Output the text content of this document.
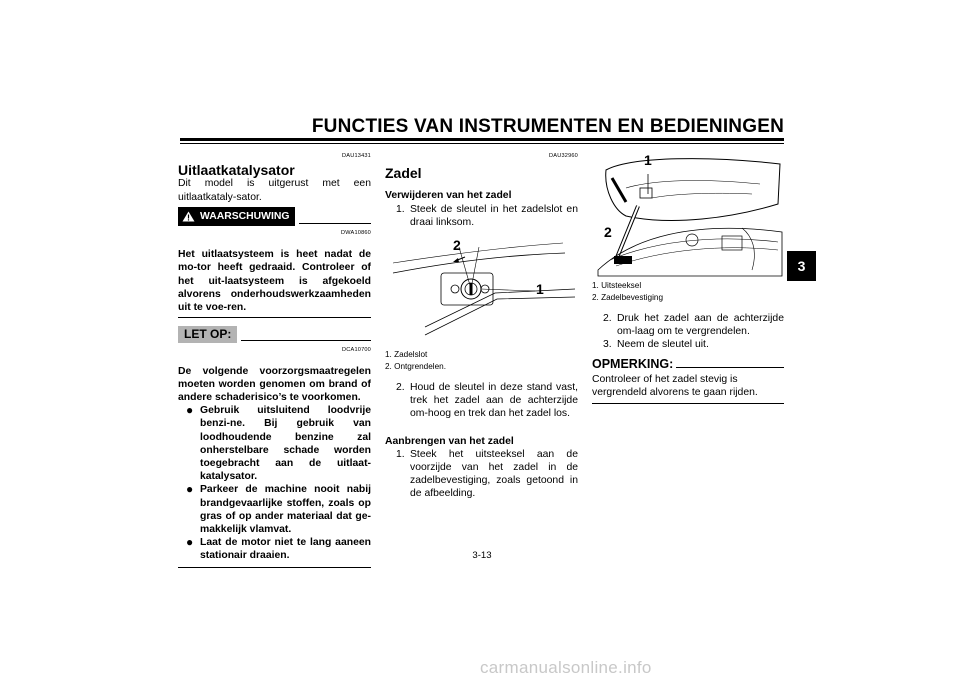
FUNCTIES VAN INSTRUMENTEN EN BEDIENINGEN
3
DAU13431
Uitlaatkatalysator
Dit model is uitgerust met een uitlaatkataly-sator.
WAARSCHUWING
DWA10860
Het uitlaatsysteem is heet nadat de mo-tor heeft gedraaid. Controleer of het uit-laatsysteem is afgekoeld alvorens onderhoudswerkzaamheden uit te voe-ren.
LET OP:
DCA10700
De volgende voorzorgsmaatregelen moeten worden genomen om brand of andere schaderisico’s te voorkomen.
● Gebruik uitsluitend loodvrije benzi-ne. Bij gebruik van loodhoudende benzine zal onherstelbare schade worden toegebracht aan de uitlaat-katalysator.
● Parkeer de machine nooit nabij brandgevaarlijke stoffen, zoals op gras of op ander materiaal dat ge-makkelijk vlamvat.
● Laat de motor niet te lang aaneen stationair draaien.
DAU32960
Zadel
Verwijderen van het zadel
1. Steek de sleutel in het zadelslot en draai linksom.
2
1
1. Zadelslot
2. Ontgrendelen.
2. Houd de sleutel in deze stand vast, trek het zadel aan de achterzijde om-hoog en trek dan het zadel los.
Aanbrengen van het zadel
1. Steek het uitsteeksel aan de voorzijde van het zadel in de zadelbevestiging, zoals getoond in de afbeelding.
1
2
1. Uitsteeksel
2. Zadelbevestiging
2. Druk het zadel aan de achterzijde om-laag om te vergrendelen.
3. Neem de sleutel uit.
OPMERKING:
Controleer of het zadel stevig is vergrendeld alvorens te gaan rijden.
3-13
carmanualsonline.info
